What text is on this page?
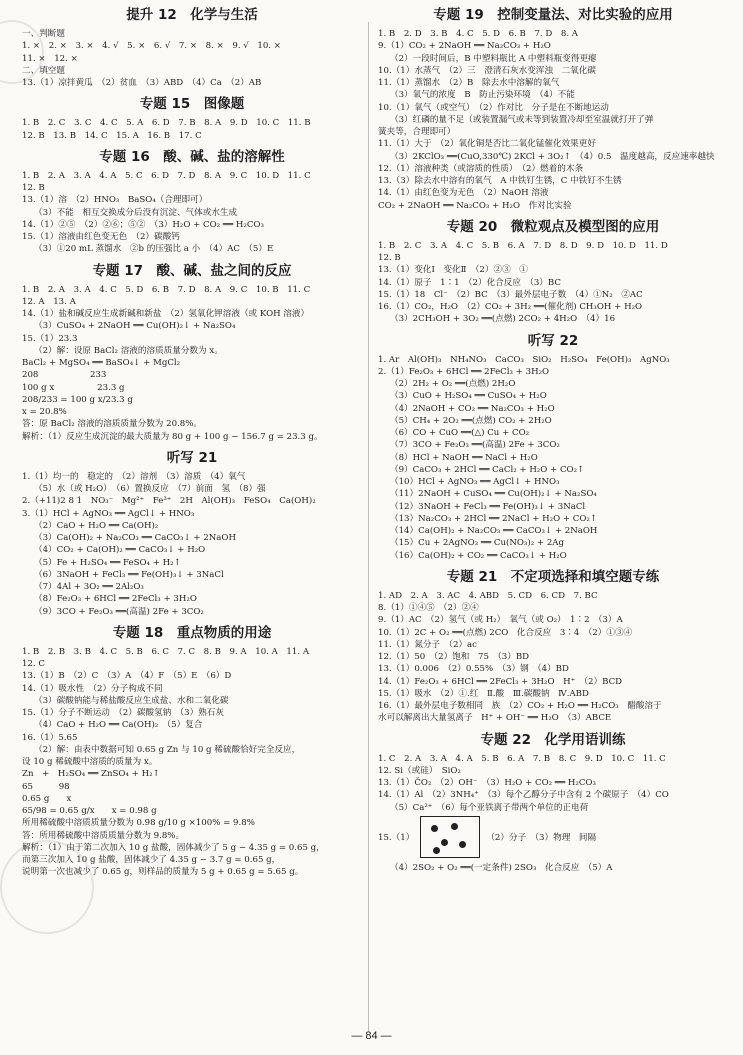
提升 12　化学与生活
一、判断题
1. ×　2. ×　3. ×　4. √　5. ×　6. √　7. ×　8. ×　9. √　10. ×
11. ×　12. ×
二、填空题
13.（1）凉拌黄瓜　（2）贫血　（3）ABD　（4）Ca　（2）AB
专题 15　图像题
1. B　2. C　3. C　4. C　5. A　6. D　7. B　8. A　9. D　10. C　11. B
12. B　13. B　14. C　15. A　16. B　17. C
专题 16　酸、碱、盐的溶解性
1. B　2. A　3. A　4. A　5. C　6. D　7. D　8. A　9. C　10. D　11. C
12. B
13.（1）溶　（2）HNO₃　BaSO₄（合理即可）
（3）不能　相互交换成分后没有沉淀、气体或水生成
14.（1）②⑤　（2）②⑥；⑤②　（3）H₂O + CO₂ ══ H₂CO₃
15.（1）溶液由红色变无色　（2）碳酸钙
（3）①20 mL 蒸馏水　②b 的压强比 a 小　（4）AC　（5）E
专题 17　酸、碱、盐之间的反应
1. B　2. A　3. A　4. C　5. D　6. B　7. D　8. A　9. C　10. B　11. C
12. A　13. A
14.（1）盐和碱反应生成新碱和新盐　（2）氢氧化钾溶液（或 KOH 溶液）
（3）CuSO₄ + 2NaOH ══ Cu(OH)₂↓ + Na₂SO₄
15.（1）23.3
（2）解：设原 BaCl₂ 溶液的溶质质量分数为 x。
BaCl₂ + MgSO₄ ══ BaSO₄↓ + MgCl₂
208　　　　　　233
100 g x　　　　　23.3 g
208/233 = 100 g x/23.3 g
x = 20.8%
答：原 BaCl₂ 溶液的溶质质量分数为 20.8%。
解析：（1）反应生成沉淀的最大质量为 80 g + 100 g − 156.7 g = 23.3 g。
听写 21
1.（1）均一的　稳定的　（2）溶剂　（3）溶质　（4）氧气
（5）水（或 H₂O）　（6）置换反应　（7）前面　氢　（8）强
2.（+11)2 8 1　NO₃⁻　Mg²⁺　Fe³⁺　2H　Al(OH)₃　FeSO₄　Ca(OH)₂
3.（1）HCl + AgNO₃ ══ AgCl↓ + HNO₃
（2）CaO + H₂O ══ Ca(OH)₂
（3）Ca(OH)₂ + Na₂CO₃ ══ CaCO₃↓ + 2NaOH
（4）CO₂ + Ca(OH)₂ ══ CaCO₃↓ + H₂O
（5）Fe + H₂SO₄ ══ FeSO₄ + H₂↑
（6）3NaOH + FeCl₃ ══ Fe(OH)₃↓ + 3NaCl
（7）4Al + 3O₂ ══ 2Al₂O₃
（8）Fe₂O₃ + 6HCl ══ 2FeCl₃ + 3H₂O
（9）3CO + Fe₂O₃ ══(高温) 2Fe + 3CO₂
专题 18　重点物质的用途
1. B　2. B　3. B　4. C　5. B　6. C　7. C　8. B　9. A　10. A　11. A
12. C
13.（1）B　（2）C　（3）A　（4）F　（5）E　（6）D
14.（1）吸水性　（2）分子构成不同
（3）碳酸钠能与稀盐酸反应生成盐、水和二氧化碳
15.（1）分子不断运动　（2）碳酸氢钠　（3）熟石灰
（4）CaO + H₂O ══ Ca(OH)₂　（5）复合
16.（1）5.65
（2）解：由表中数据可知 0.65 g Zn 与 10 g 稀硫酸恰好完全反应，
设 10 g 稀硫酸中溶质的质量为 x。
Zn　+　H₂SO₄ ══ ZnSO₄ + H₂↑
65　　　98
0.65 g　　x
65/98 = 0.65 g/x　　x = 0.98 g
所用稀硫酸中溶质质量分数为 0.98 g/10 g ×100% = 9.8%
答：所用稀硫酸中溶质质量分数为 9.8%。
解析：（1）由于第二次加入 10 g 盐酸，固体减少了 5 g − 4.35 g = 0.65 g，
而第三次加入 10 g 盐酸，固体减少了 4.35 g − 3.7 g = 0.65 g，
说明第一次也减少了 0.65 g，则样品的质量为 5 g + 0.65 g = 5.65 g。
专题 19　控制变量法、对比实验的应用
1. B　2. D　3. B　4. C　5. D　6. B　7. D　8. A
9.（1）CO₂ + 2NaOH ══ Na₂CO₃ + H₂O
（2）一段时间后，B 中塑料瓶比 A 中塑料瓶变得更瘪
10.（1）水蒸气　（2）三　澄清石灰水变浑浊　二氧化碳
11.（1）蒸馏水　（2）B　除去水中溶解的氧气
（3）氧气的浓度　B　防止污染环境　（4）不能
10.（1）氧气（或空气）　（2）作对比　分子是在不断地运动
（3）红磷的量不足（或装置漏气或未等到装置冷却至室温就打开了弹
簧夹等，合理即可）
11.（1）大于　（2）氧化铜是否比二氧化锰催化效果更好
（3）2KClO₃ ══(CuO,330℃) 2KCl + 3O₂↑　（4）0.5　温度越高，反应速率越快
12.（1）溶液种类（或溶质的性质）　（2）燃着的木条
13.（3）除去水中溶有的氧气　A 中铁钉生锈，C 中铁钉不生锈
14.（1）由红色变为无色　（2）NaOH 溶液
CO₂ + 2NaOH ══ Na₂CO₃ + H₂O　作对比实验
专题 20　微粒观点及模型图的应用
1. B　2. C　3. A　4. C　5. B　6. A　7. D　8. D　9. D　10. D　11. D
12. B
13.（1）变化Ⅰ　变化Ⅱ　（2）②③　①
14.（1）原子　1∶1　（2）化合反应　（3）BC
15.（1）18　Cl⁻　（2）BC　（3）最外层电子数　（4）①N₂　②AC
16.（1）CO₂，H₂O　（2）CO₂ + 3H₂ ══(催化剂) CH₃OH + H₂O
（3）2CH₃OH + 3O₂ ══(点燃) 2CO₂ + 4H₂O　（4）16
听写 22
1. Ar　Al(OH)₃　NH₄NO₃　CaCO₃　SiO₂　H₂SO₄　Fe(OH)₃　AgNO₃
2.（1）Fe₂O₃ + 6HCl ══ 2FeCl₃ + 3H₂O
（2）2H₂ + O₂ ══(点燃) 2H₂O
（3）CuO + H₂SO₄ ══ CuSO₄ + H₂O
（4）2NaOH + CO₂ ══ Na₂CO₃ + H₂O
（5）CH₄ + 2O₂ ══(点燃) CO₂ + 2H₂O
（6）CO + CuO ══(△) Cu + CO₂
（7）3CO + Fe₂O₃ ══(高温) 2Fe + 3CO₂
（8）HCl + NaOH ══ NaCl + H₂O
（9）CaCO₃ + 2HCl ══ CaCl₂ + H₂O + CO₂↑
（10）HCl + AgNO₃ ══ AgCl↓ + HNO₃
（11）2NaOH + CuSO₄ ══ Cu(OH)₂↓ + Na₂SO₄
（12）3NaOH + FeCl₃ ══ Fe(OH)₃↓ + 3NaCl
（13）Na₂CO₃ + 2HCl ══ 2NaCl + H₂O + CO₂↑
（14）Ca(OH)₂ + Na₂CO₃ ══ CaCO₃↓ + 2NaOH
（15）Cu + 2AgNO₃ ══ Cu(NO₃)₂ + 2Ag
（16）Ca(OH)₂ + CO₂ ══ CaCO₃↓ + H₂O
专题 21　不定项选择和填空题专练
1. AD　2. A　3. AC　4. ABD　5. CD　6. CD　7. BC
8.（1）①④⑤　（2）②④
9.（1）AC　（2）氢气（或 H₂）　氧气（或 O₂）　1∶2　（3）A
10.（1）2C + O₂ ══(点燃) 2CO　化合反应　3∶4　（2）①③④
11.（1）氮分子　（2）ac
12.（1）50　（2）饱和　75　（3）BD
13.（1）0.006　（2）0.55%　（3）钢　（4）BD
14.（1）Fe₂O₃ + 6HCl ══ 2FeCl₃ + 3H₂O　H⁺　（2）BCD
15.（1）吸水　（2）①.红　Ⅱ.酸　Ⅲ.碳酸钠　Ⅳ.ABD
16.（1）最外层电子数相同　族　（2）CO₂ + H₂O ══ H₂CO₃　醋酸溶于
水可以解离出大量氢离子　H⁺ + OH⁻ ══ H₂O　（3）ABCE
专题 22　化学用语训练
1. C　2. A　3. A　4. A　5. B　6. A　7. B　8. C　9. D　10. C　11. C
12. Si（或硅）　SiO₂
13.（1）C̊O₂　（2）OH⁻　（3）H₂O + CO₂ ══ H₂CO₃
14.（1）Al　（2）3NH₄⁺　（3）每个乙醇分子中含有 2 个碳原子　（4）CO
（5）Ca²⁺　（6）每个亚铁离子带两个单位的正电荷
15.（1）	（2）分子　（3）物理　间隔
（4）2SO₂ + O₂ ══(一定条件) 2SO₃　化合反应　（5）A
— 84 —
